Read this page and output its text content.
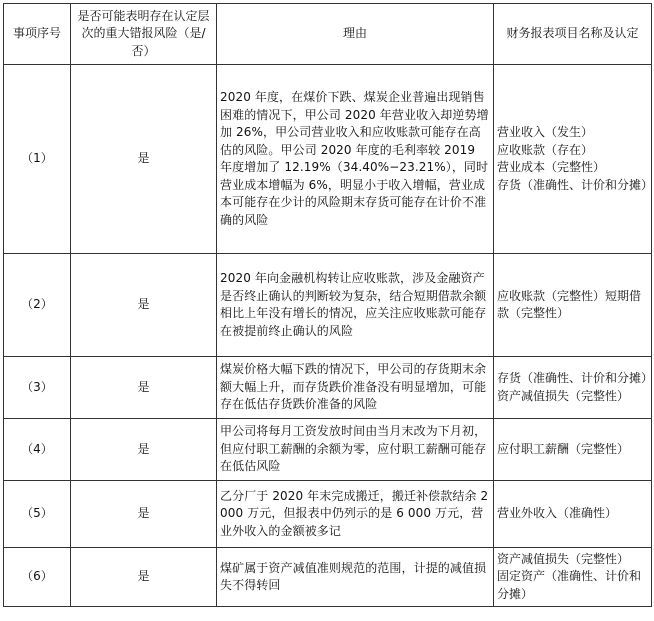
事项序号	是否可能表明存在认定层次的重大错报风险（是/否）	理由	财务报表项目名称及认定
（1）	是	2020 年度，在煤价下跌、煤炭企业普遍出现销售困难的情况下，甲公司 2020 年营业收入却逆势增加 26%，甲公司营业收入和应收账款可能存在高估的风险。甲公司 2020 年度的毛利率较 2019 年度增加了 12.19%（34.40%−23.21%），同时营业成本增幅为 6%，明显小于收入增幅，营业成本可能存在少计的风险期末存货可能存在计价不准确的风险	营业收入（发生）
应收账款（存在）
营业成本（完整性）
存货（准确性、计价和分摊）

（2）	是	2020 年向金融机构转让应收账款，涉及金融资产是否终止确认的判断较为复杂，结合短期借款余额相比上年没有增长的情况，应关注应收账款可能存在被提前终止确认的风险	应收账款（完整性）短期借款（完整性）

（3）	是	煤炭价格大幅下跌的情况下，甲公司的存货期末余额大幅上升，而存货跌价准备没有明显增加，可能存在低估存货跌价准备的风险	存货（准确性、计价和分摊）
资产减值损失（完整性）

（4）	是	甲公司将每月工资发放时间由当月末改为下月初，但应付职工薪酬的余额为零，应付职工薪酬可能存在低估风险	应付职工薪酬（完整性）

（5）	是	乙分厂于 2020 年末完成搬迁，搬迁补偿款结余 2 000 万元，但报表中仍列示的是 6 000 万元，营业外收入的金额被多记	营业外收入（准确性）

（6）	是	煤矿属于资产减值准则规范的范围，计提的减值损失不得转回	资产减值损失（完整性）
固定资产（准确性、计价和分摊）
